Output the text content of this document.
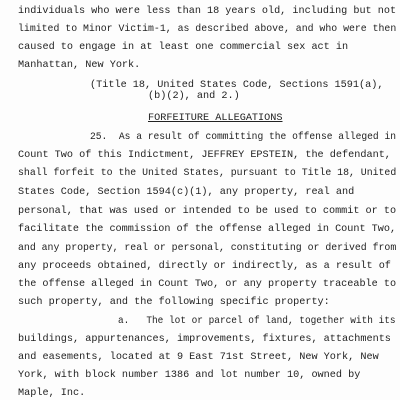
individuals who were less than 18 years old, including but not
limited to Minor Victim-1, as described above, and who were then
caused to engage in at least one commercial sex act in
Manhattan, New York.
(Title 18, United States Code, Sections 1591(a),
(b)(2), and 2.)
FORFEITURE ALLEGATIONS
25.  As a result of committing the offense alleged in
Count Two of this Indictment, JEFFREY EPSTEIN, the defendant,
shall forfeit to the United States, pursuant to Title 18, United
States Code, Section 1594(c)(1), any property, real and
personal, that was used or intended to be used to commit or to
facilitate the commission of the offense alleged in Count Two,
and any property, real or personal, constituting or derived from
any proceeds obtained, directly or indirectly, as a result of
the offense alleged in Count Two, or any property traceable to
such property, and the following specific property:
a.   The lot or parcel of land, together with its
buildings, appurtenances, improvements, fixtures, attachments
and easements, located at 9 East 71st Street, New York, New
York, with block number 1386 and lot number 10, owned by
Maple, Inc.
